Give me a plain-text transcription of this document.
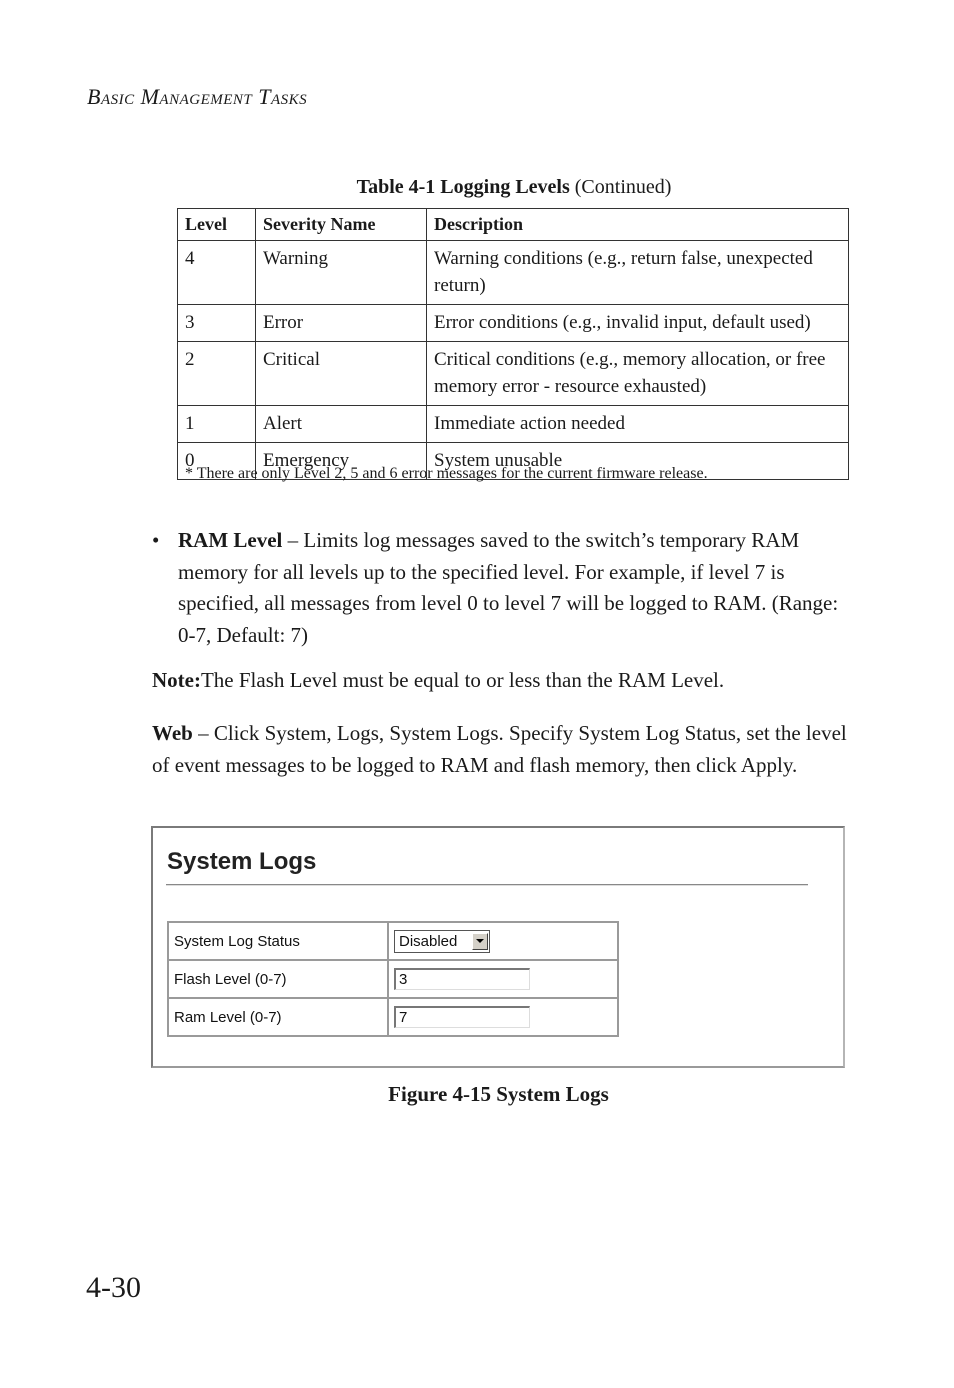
Basic Management Tasks
Table 4-1 Logging Levels (Continued)
Level	Severity Name	Description
4	Warning	Warning conditions (e.g., return false, unexpected return)
3	Error	Error conditions (e.g., invalid input, default used)
2	Critical	Critical conditions (e.g., memory allocation, or free memory error - resource exhausted)
1	Alert	Immediate action needed
0	Emergency	System unusable
* There are only Level 2, 5 and 6 error messages for the current firmware release.
• RAM Level – Limits log messages saved to the switch’s temporary RAM memory for all levels up to the specified level. For example, if level 7 is specified, all messages from level 0 to level 7 will be logged to RAM. (Range: 0-7, Default: 7)
Note:The Flash Level must be equal to or less than the RAM Level.
Web – Click System, Logs, System Logs. Specify System Log Status, set the level of event messages to be logged to RAM and flash memory, then click Apply.
System Logs
System Log Status	Disabled

Flash Level (0-7)	3
Ram Level (0-7)	7
Figure 4-15 System Logs
4-30
